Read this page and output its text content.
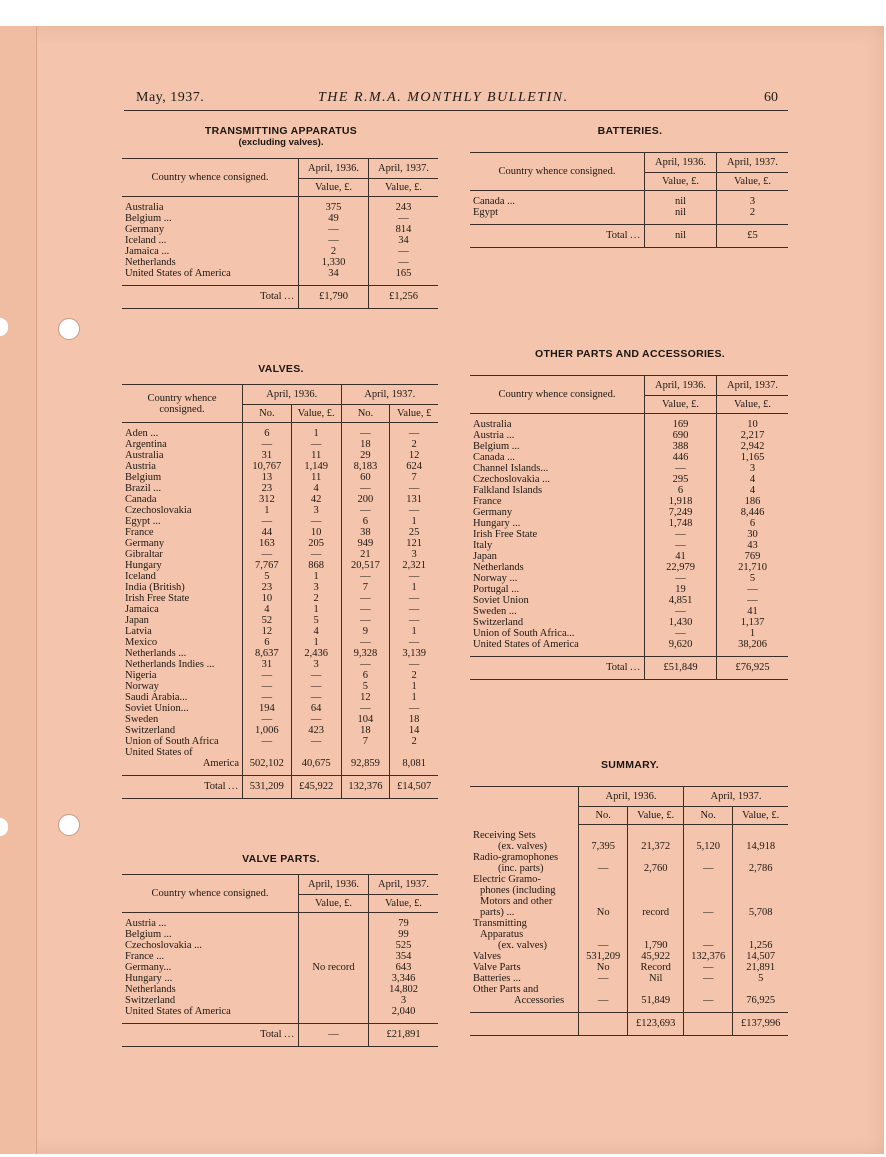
May, 1937.	THE R.M.A. MONTHLY BULLETIN.	60
TRANSMITTING APPARATUS
(excluding valves).
Country whence consigned.	April, 1936.	April, 1937.
	Value, £.	Value, £.
Australia	375	243
Belgium ...	49	—
Germany	—	814
Iceland ...	—	34
Jamaica ...	2	—
Netherlands	1,330	—
United States of America	34	165
Total ...	£1,790	£1,256
BATTERIES.
Country whence consigned.	April, 1936.	April, 1937.
	Value, £.	Value, £.
Canada ...	nil	3
Egypt	nil	2
Total ...	nil	£5
VALVES.
Country whence
consigned.	April, 1936.		April, 1937.	
	No.	Value, £.	No.	Value, £
Aden ...	6	1	—	—
Argentina	—	—	18	2
Australia	31	11	29	12
Austria	10,767	1,149	8,183	624
Belgium	13	11	60	7
Brazil ...	23	4	—	—
Canada	312	42	200	131
Czechoslovakia	1	3	—	—
Egypt ...	—	—	6	1
France	44	10	38	25
Germany	163	205	949	121
Gibraltar	—	—	21	3
Hungary	7,767	868	20,517	2,321
Iceland	5	1	—	—
India (British)	23	3	7	1
Irish Free State	10	2	—	—
Jamaica	4	1	—	—
Japan	52	5	—	—
Latvia	12	4	9	1
Mexico	6	1	—	—
Netherlands ...	8,637	2,436	9,328	3,139
Netherlands Indies ...	31	3	—	—
Nigeria	—	—	6	2
Norway	—	—	5	1
Saudi Arabia...	—	—	12	1
Soviet Union...	194	64	—	—
Sweden	—	—	104	18
Switzerland	1,006	423	18	14
Union of South Africa	—	—	7	2
United States of				
America	502,102	40,675	92,859	8,081
Total ...	531,209	£45,922	132,376	£14,507
OTHER PARTS AND ACCESSORIES.
Country whence consigned.	April, 1936.	April, 1937.
	Value, £.	Value, £.
Australia	169	10
Austria ...	690	2,217
Belgium ...	388	2,942
Canada ...	446	1,165
Channel Islands...	—	3
Czechoslovakia ...	295	4
Falkland Islands	6	4
France	1,918	186
Germany	7,249	8,446
Hungary ...	1,748	6
Irish Free State	—	30
Italy	—	43
Japan	41	769
Netherlands	22,979	21,710
Norway ...	—	5
Portugal ...	19	—
Soviet Union	4,851	—
Sweden ...	—	41
Switzerland	1,430	1,137
Union of South Africa...	—	1
United States of America	9,620	38,206
Total ...	£51,849	£76,925
VALVE PARTS.
Country whence consigned.	April, 1936.	April, 1937.
	Value, £.	Value, £.
Austria ...		79
Belgium ...		99
Czechoslovakia ...		525
France ...		354
Germany...	No record	643
Hungary ...		3,346
Netherlands		14,802
Switzerland		3
United States of America		2,040
Total ...	—	£21,891
SUMMARY.
	April, 1936.		April, 1937.	
	No.	Value, £.	No.	Value, £.
Receiving Sets				
(ex. valves)	7,395	21,372	5,120	14,918
Radio-gramophones				
(inc. parts)	—	2,760	—	2,786
Electric Gramo-				
phones (including				
Motors and other				
parts) ...	No	record	—	5,708
Transmitting				
Apparatus				
(ex. valves)	—	1,790	—	1,256
Valves	531,209	45,922	132,376	14,507
Valve Parts	No	Record	—	21,891
Batteries ...	—	Nil	—	5
Other Parts and				
Accessories	—	51,849	—	76,925
		£123,693		£137,996
